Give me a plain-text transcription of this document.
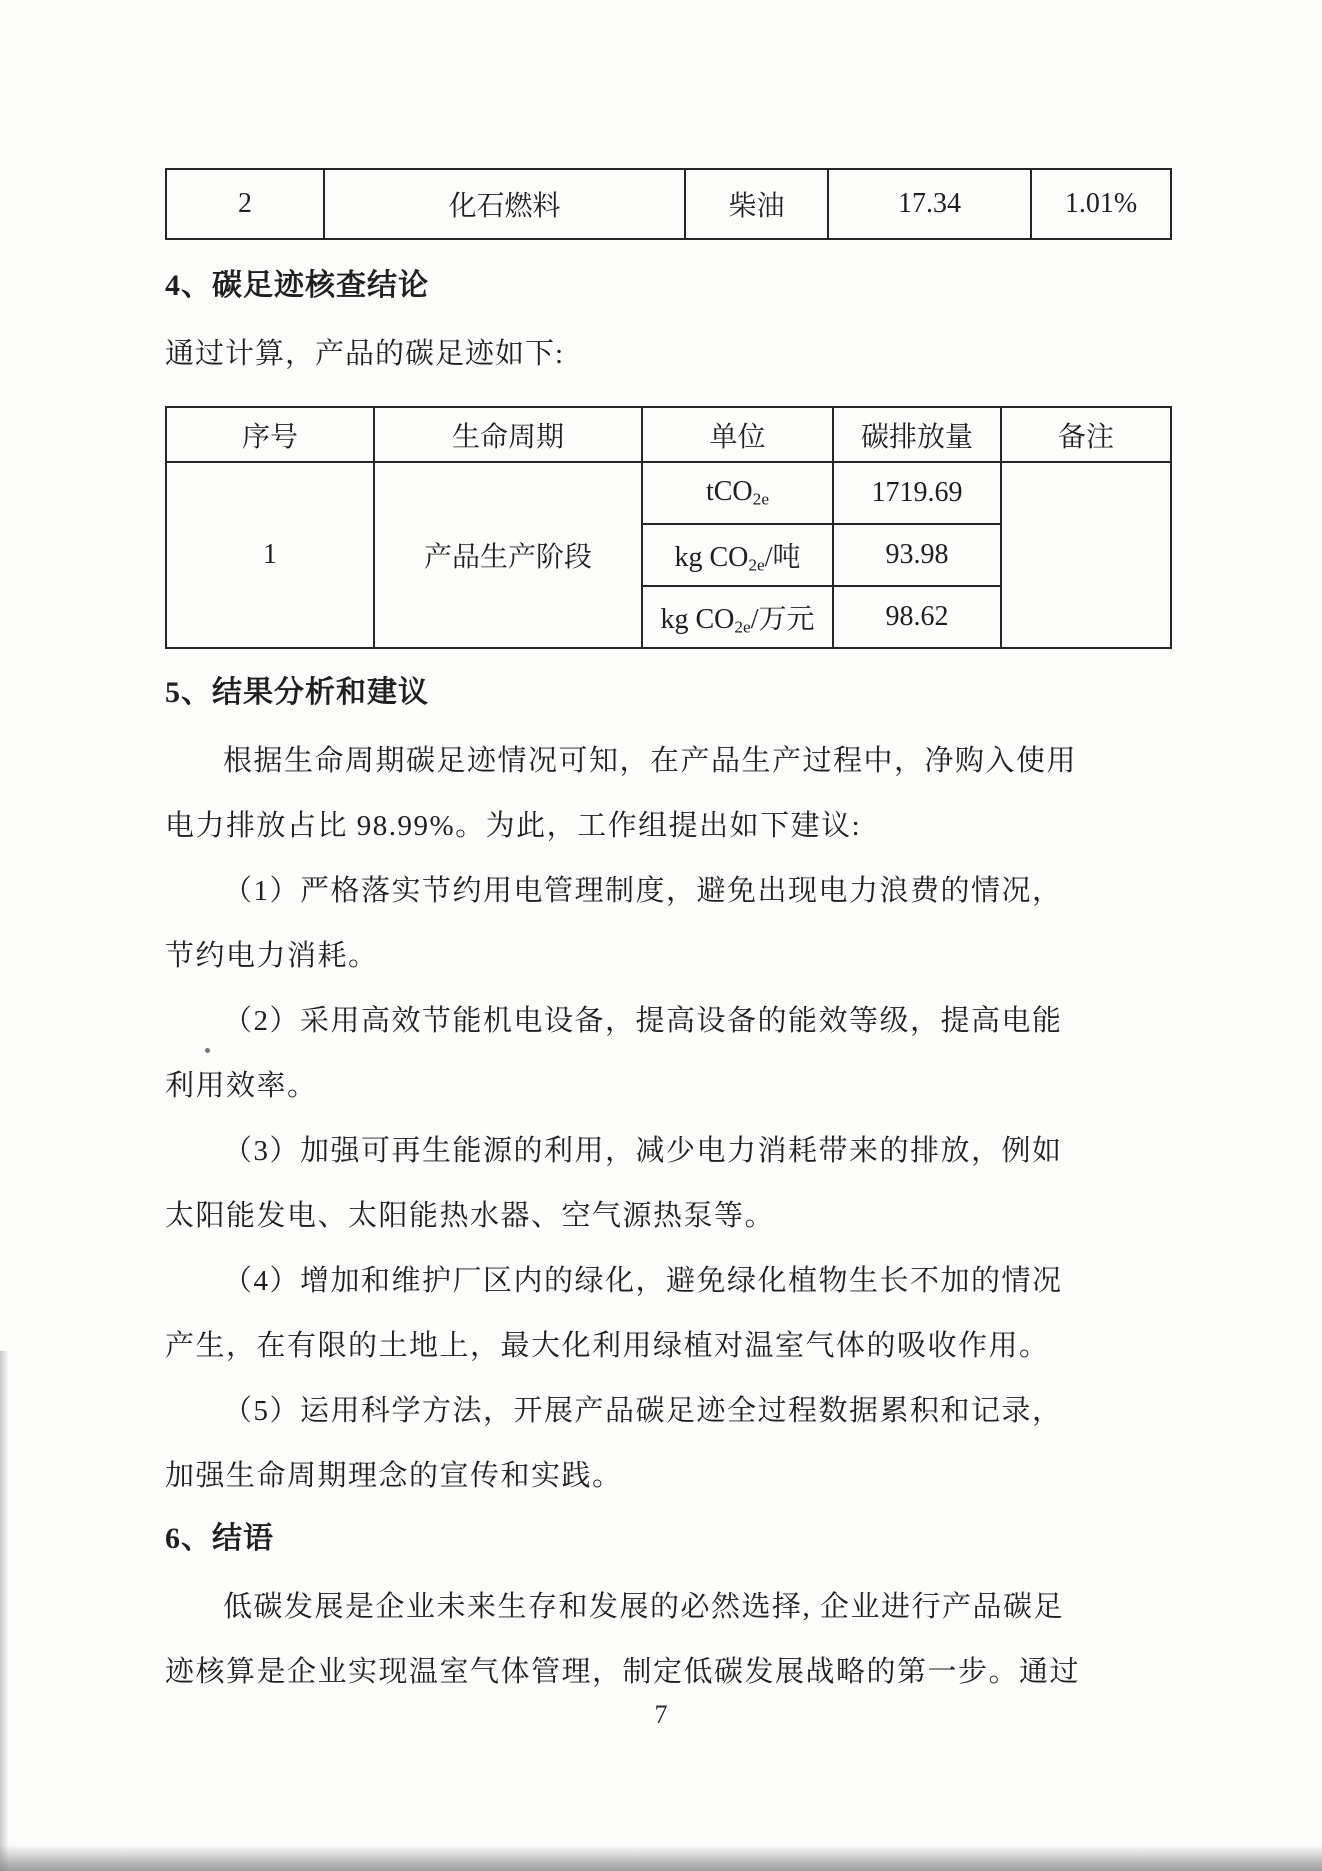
2	化石燃料	柴油	17.34	1.01%
4、碳足迹核查结论
通过计算，产品的碳足迹如下:
序号	生命周期	单位	碳排放量	备注
1	产品生产阶段	tCO$_{2e}$	1719.69	
		kg $CO_{2e}/$吨	93.98	
		kg $CO_{2e}/$万元	98.62	
5、结果分析和建议
根据生命周期碳足迹情况可知，在产品生产过程中，净购入使用
电力排放占比 98.99%。为此，工作组提出如下建议:
（1）严格落实节约用电管理制度，避免出现电力浪费的情况，
节约电力消耗。
（2）采用高效节能机电设备，提高设备的能效等级，提高电能
利用效率。
（3）加强可再生能源的利用，减少电力消耗带来的排放，例如
太阳能发电、太阳能热水器、空气源热泵等。
（4）增加和维护厂区内的绿化，避免绿化植物生长不加的情况
产生，在有限的土地上，最大化利用绿植对温室气体的吸收作用。
（5）运用科学方法，开展产品碳足迹全过程数据累积和记录，
加强生命周期理念的宣传和实践。
6、结语
低碳发展是企业未来生存和发展的必然选择, 企业进行产品碳足
迹核算是企业实现温室气体管理，制定低碳发展战略的第一步。通过
7
